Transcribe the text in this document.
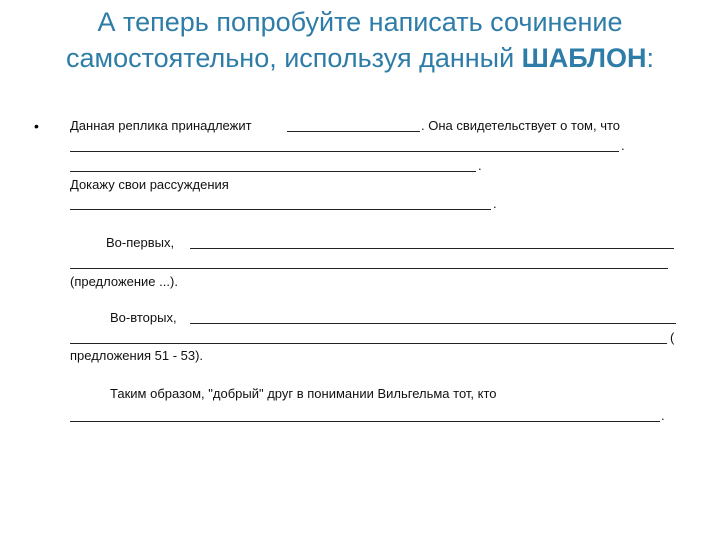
А теперь попробуйте написать сочинение
самостоятельно, используя данный ШАБЛОН:
• Данная реплика принадлежит	. Она свидетельствует о том, что
.
.
Докажу свои рассуждения
.
Во-первых,
(предложение ...).
Во-вторых,
(
предложения 51 - 53).
Таким образом, "добрый" друг в понимании Вильгельма тот, кто
.
